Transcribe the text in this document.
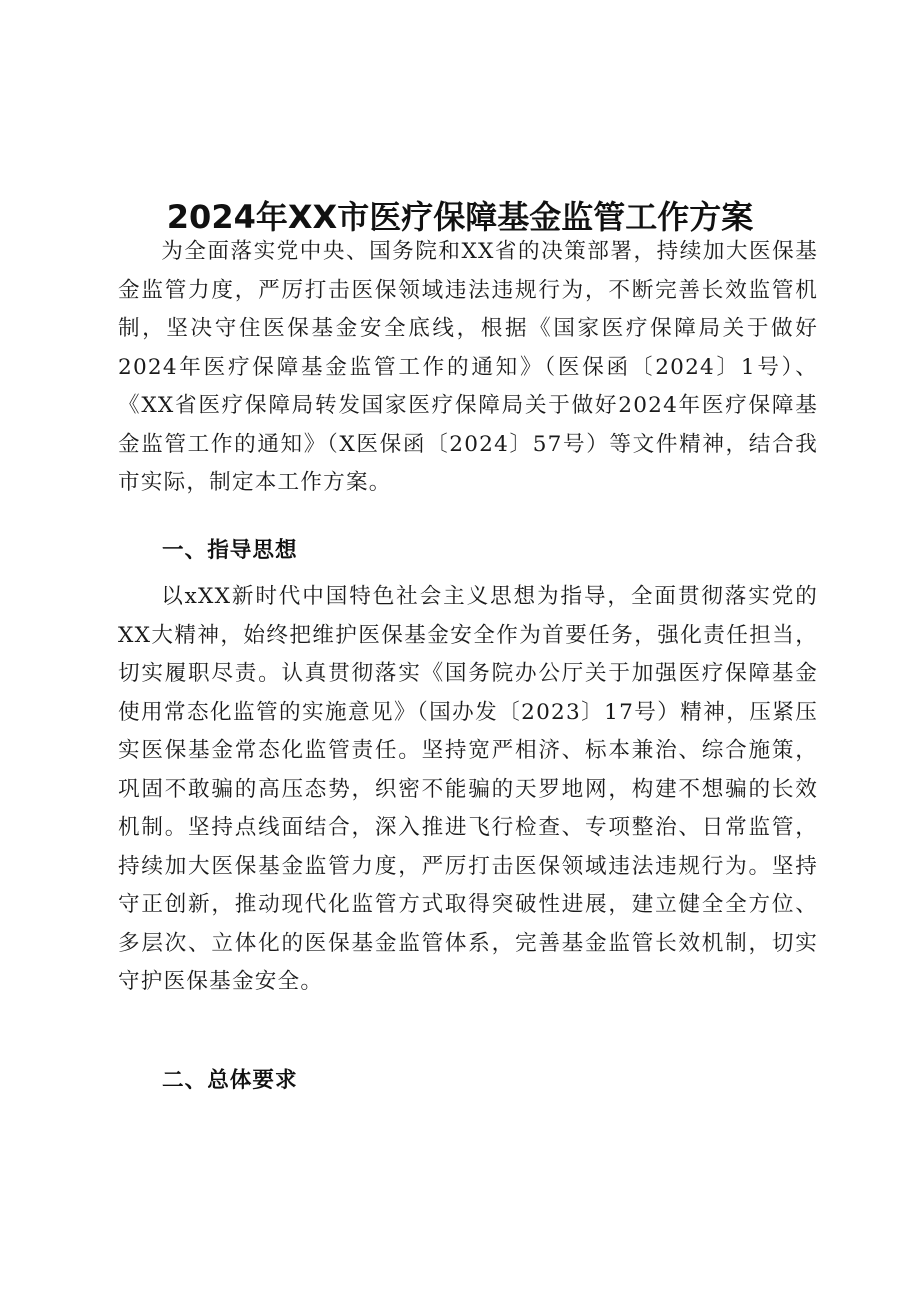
2024年XX市医疗保障基金监管工作方案

为全面落实党中央、国务院和XX省的决策部署，持续加大医保基金监管力度，严厉打击医保领域违法违规行为，不断完善长效监管机制，坚决守住医保基金安全底线，根据《国家医疗保障局关于做好2024年医疗保障基金监管工作的通知》（医保函〔2024〕1号）、《XX省医疗保障局转发国家医疗保障局关于做好2024年医疗保障基金监管工作的通知》（X医保函〔2024〕57号）等文件精神，结合我市实际，制定本工作方案。

一、指导思想

以xXX新时代中国特色社会主义思想为指导，全面贯彻落实党的XX大精神，始终把维护医保基金安全作为首要任务，强化责任担当，切实履职尽责。认真贯彻落实《国务院办公厅关于加强医疗保障基金使用常态化监管的实施意见》（国办发〔2023〕17号）精神，压紧压实医保基金常态化监管责任。坚持宽严相济、标本兼治、综合施策，巩固不敢骗的高压态势，织密不能骗的天罗地网，构建不想骗的长效机制。坚持点线面结合，深入推进飞行检查、专项整治、日常监管，持续加大医保基金监管力度，严厉打击医保领域违法违规行为。坚持守正创新，推动现代化监管方式取得突破性进展，建立健全全方位、多层次、立体化的医保基金监管体系，完善基金监管长效机制，切实守护医保基金安全。

二、总体要求
